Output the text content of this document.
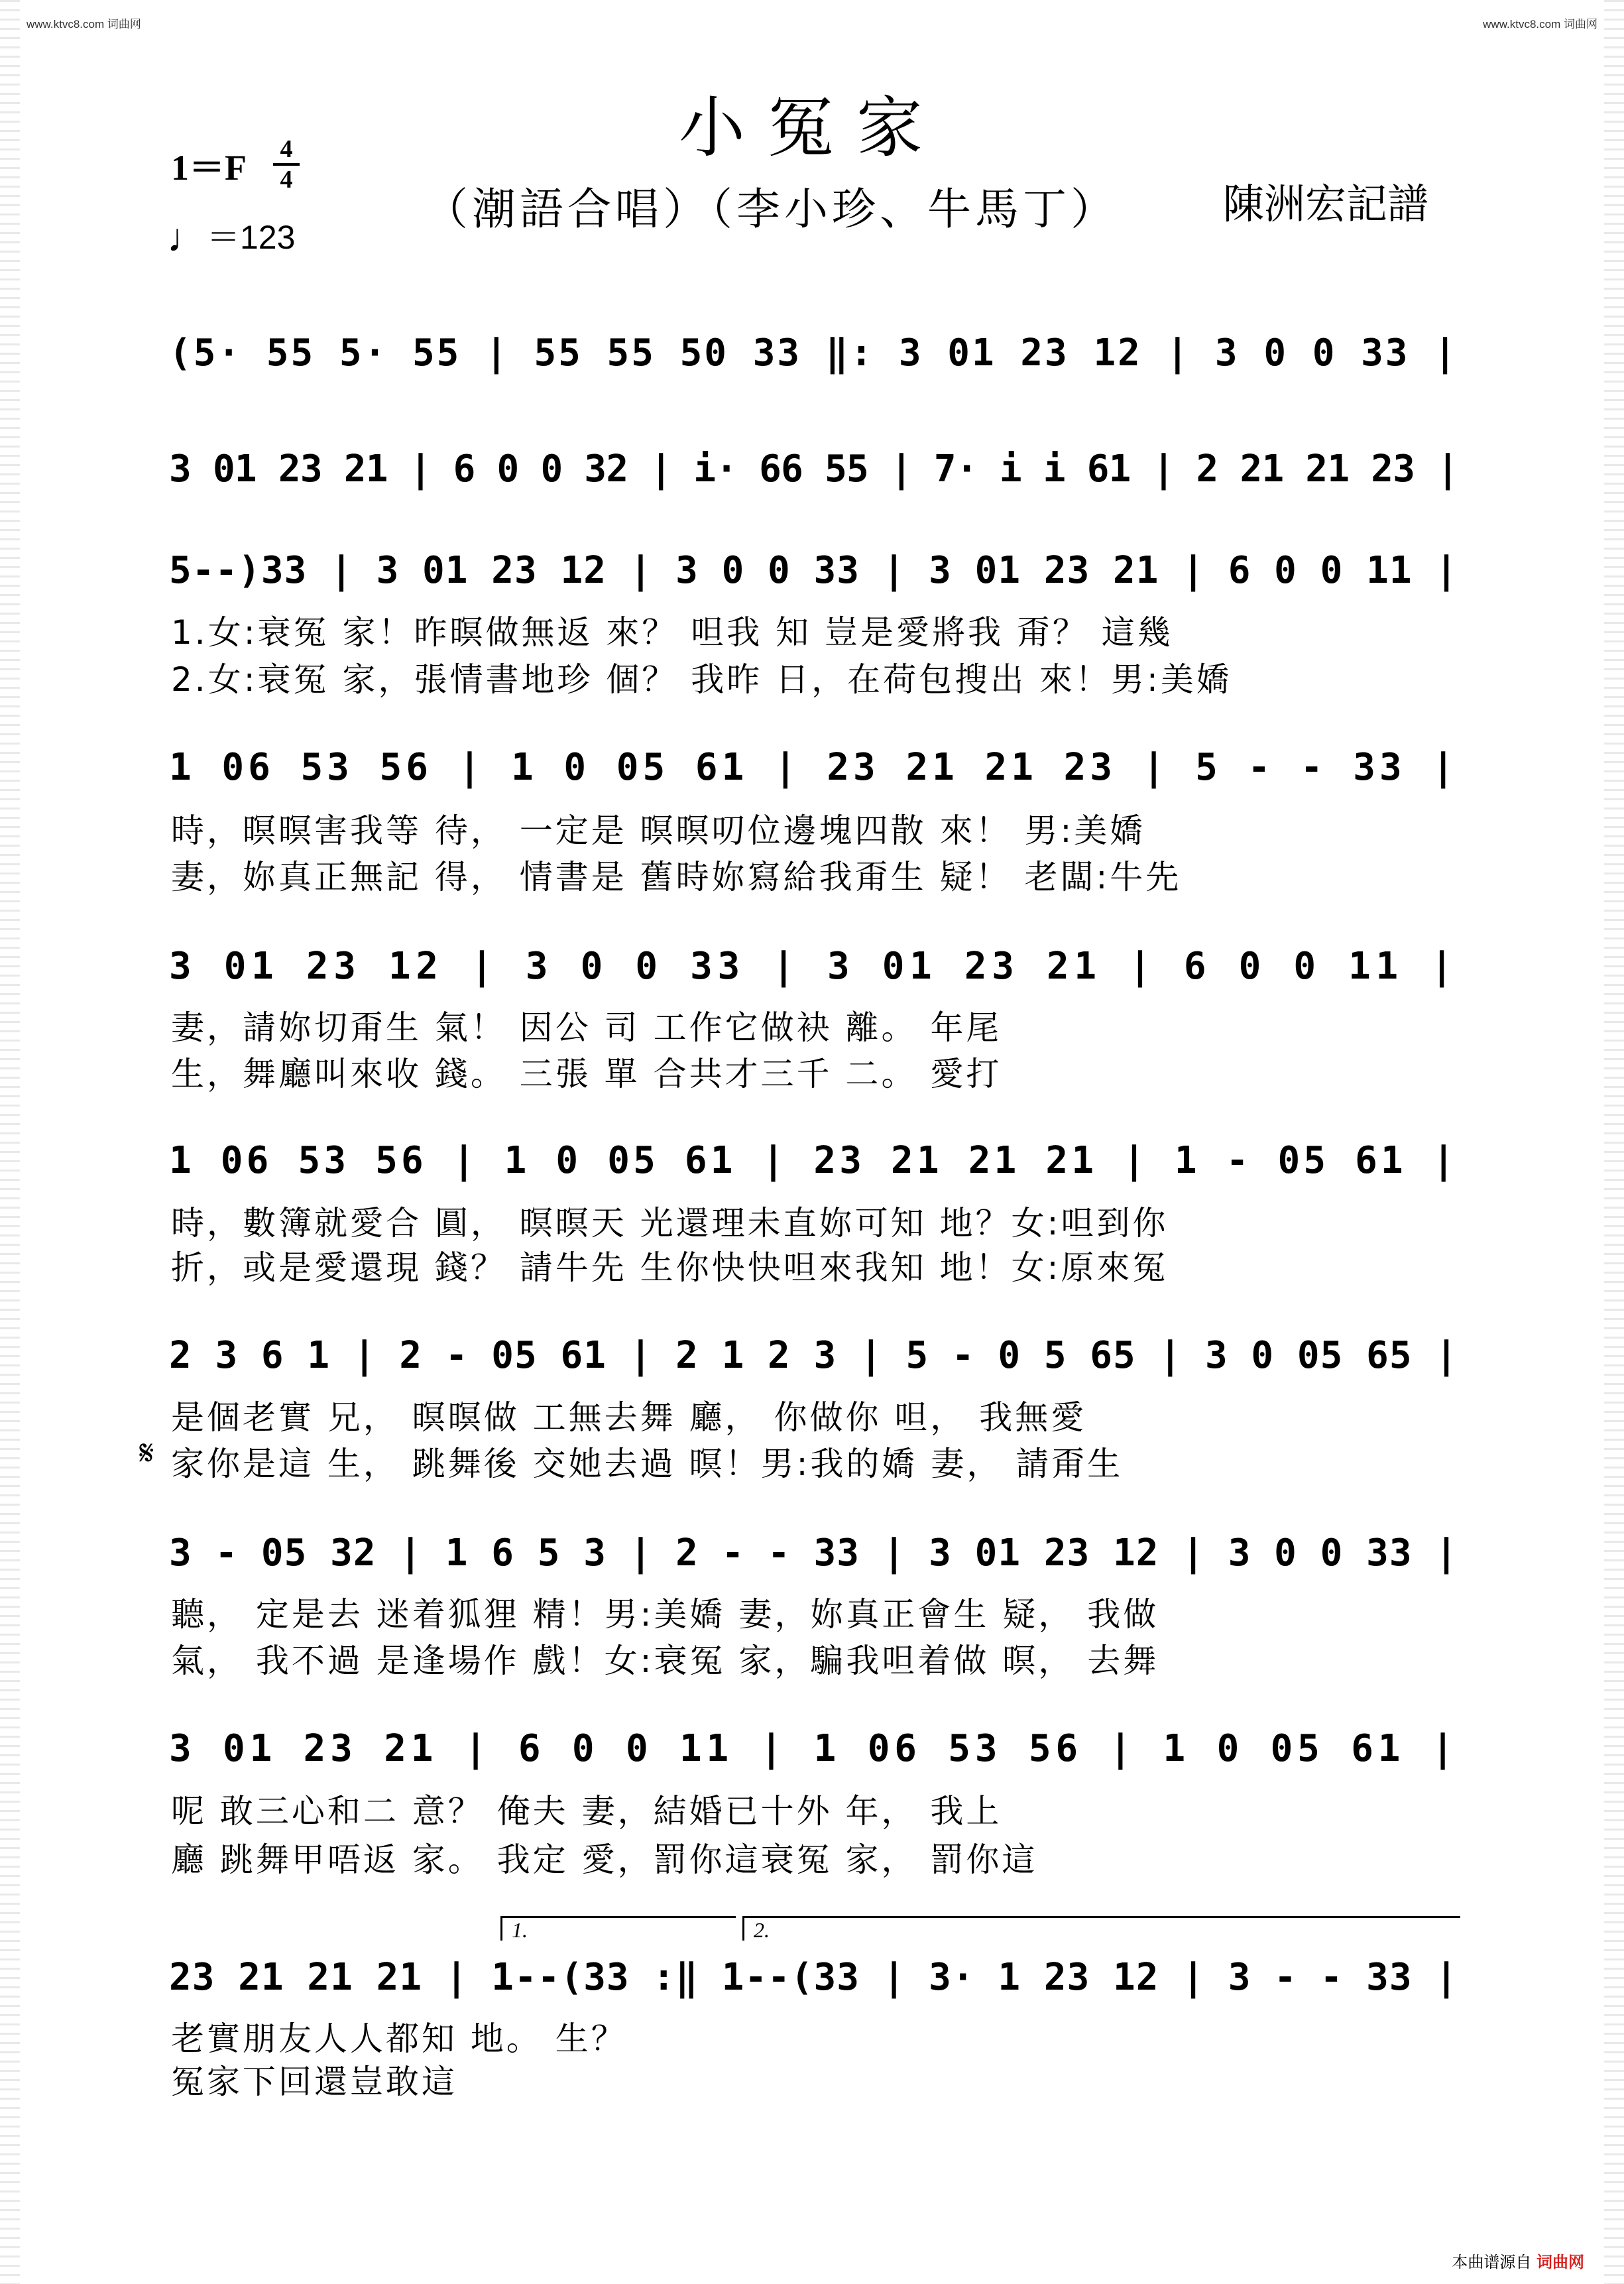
www.ktvc8.com 词曲网	www.ktvc8.com 词曲网
小冤家
（潮語合唱）（李小珍、牛馬丁）	陳洲宏記譜
1＝F 4
4
♩＝123
(5· 55 5· 55 | 55 55 50 33 ‖: 3 01 23 12 | 3 0 0 33 |
3 01 23 21 | 6 0 0 32 | i· 66 55 | 7· i i 61 | 2 21 21 23 |
5--)33 | 3 01 23 12 | 3 0 0 33 | 3 01 23 21 | 6 0 0 11 |
1.女:衰冤 家！昨暝做無返 來？ 呾我 知 豈是愛將我 甭？ 這幾
2.女:衰冤 家，張情書地珍 個？ 我昨 日，在荷包搜出 來！男:美嬌
1 06 53 56 | 1 0 05 61 | 23 21 21 23 | 5 - - 33 |
時，暝暝害我等 待， 一定是 暝暝叨位邊塊四散 來！ 男:美嬌
妻，妳真正無記 得， 情書是 舊時妳寫給我甭生 疑！ 老闆:牛先
3 01 23 12 | 3 0 0 33 | 3 01 23 21 | 6 0 0 11 |
妻，請妳切甭生 氣！ 因公 司 工作它做袂 離。 年尾
生，舞廳叫來收 錢。 三張 單 合共才三千 二。 愛打
1 06 53 56 | 1 0 05 61 | 23 21 21 21 | 1 - 05 61 |
時，數簿就愛合 圓， 暝暝天 光還理未直妳可知 地？女:呾到你
折，或是愛還現 錢？ 請牛先 生你快快呾來我知 地！女:原來冤
2 3 6 1 | 2 - 05 61 | 2 1 2 3 | 5 - 0 5 65 | 3 0 05 65 |
是個老實 兄， 暝暝做 工無去舞 廳， 你做你 呾， 我無愛
𝄋 家你是這 生， 跳舞後 交她去過 暝！男:我的嬌 妻， 請甭生
3 - 05 32 | 1 6 5 3 | 2 - - 33 | 3 01 23 12 | 3 0 0 33 |
聽， 定是去 迷着狐狸 精！男:美嬌 妻，妳真正會生 疑， 我做
氣， 我不過 是逢場作 戲！女:衰冤 家，騙我呾着做 暝， 去舞
3 01 23 21 | 6 0 0 11 | 1 06 53 56 | 1 0 05 61 |
呢 敢三心和二 意？ 俺夫 妻，結婚已十外 年， 我上
廳 跳舞甲唔返 家。 我定 愛，罰你這衰冤 家， 罰你這
1.	2.
23 21 21 21 | 1--(33 :‖ 1--(33 | 3· 1 23 12 | 3 - - 33 |
老實朋友人人都知 地。 生？
冤家下回還豈敢這
本曲谱源自 词曲网
